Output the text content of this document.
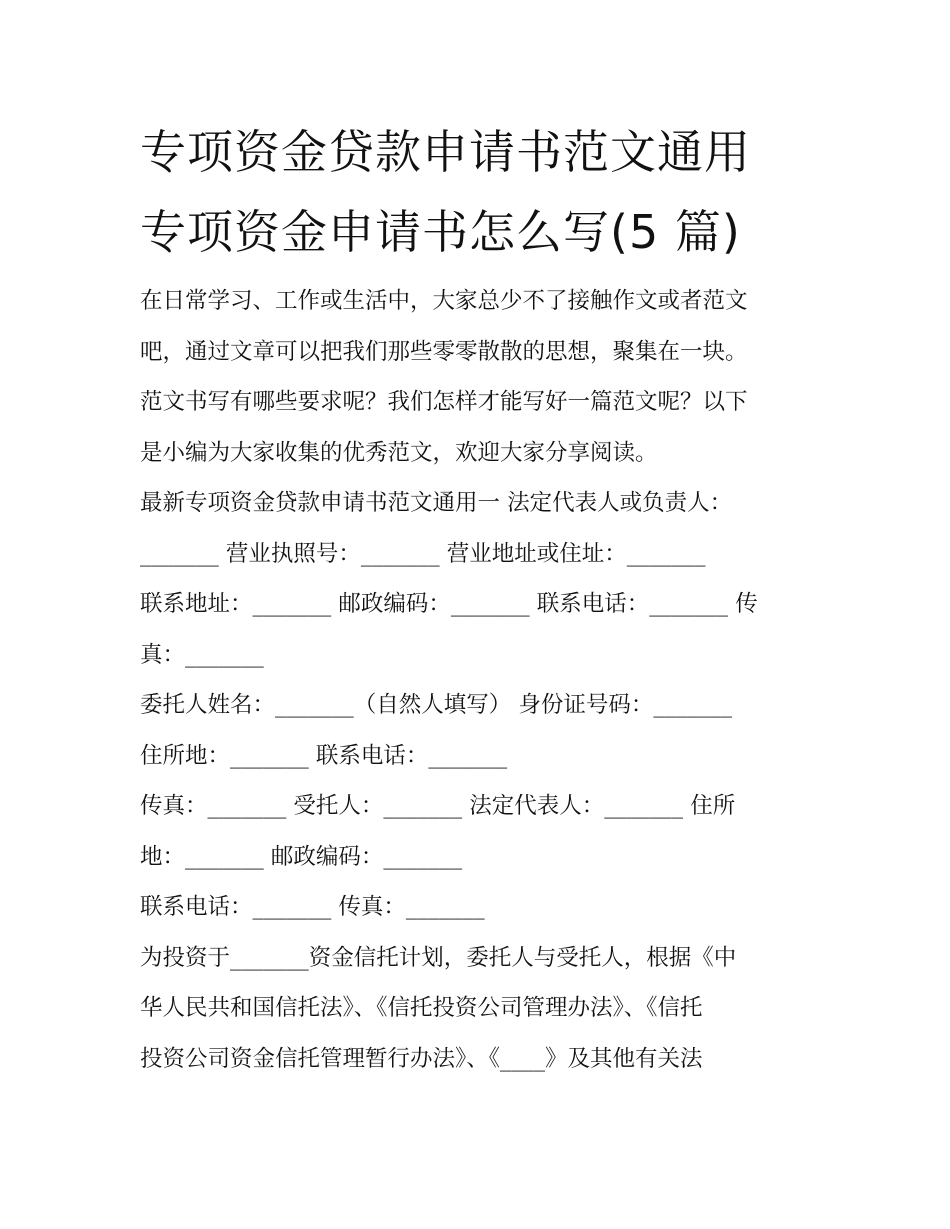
专项资金贷款申请书范文通用
专项资金申请书怎么写(5 篇)
在日常学习、工作或生活中，大家总少不了接触作文或者范文
吧，通过文章可以把我们那些零零散散的思想，聚集在一块。
范文书写有哪些要求呢？我们怎样才能写好一篇范文呢？以下
是小编为大家收集的优秀范文，欢迎大家分享阅读。
最新专项资金贷款申请书范文通用一 法定代表人或负责人：
_______ 营业执照号：_______ 营业地址或住址：_______
联系地址：_______ 邮政编码：_______ 联系电话：_______ 传
真：_______
委托人姓名：_______（自然人填写） 身份证号码：_______
住所地：_______ 联系电话：_______
传真：_______ 受托人：_______ 法定代表人：_______ 住所
地：_______ 邮政编码：_______
联系电话：_______ 传真：_______
为投资于_______资金信托计划，委托人与受托人，根据《中
华人民共和国信托法》、《信托投资公司管理办法》、《信托
投资公司资金信托管理暂行办法》、《____》及其他有关法
